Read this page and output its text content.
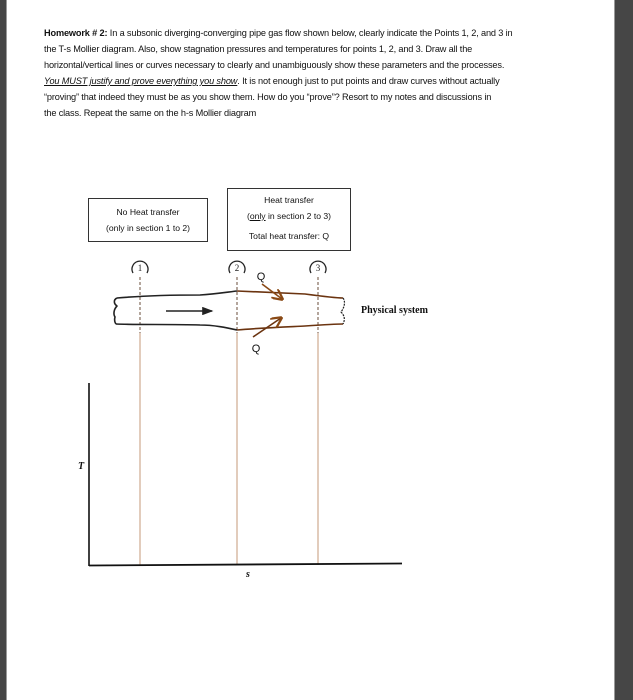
Homework # 2: In a subsonic diverging-converging pipe gas flow shown below, clearly indicate the Points 1, 2, and 3 in
the T-s Mollier diagram. Also, show stagnation pressures and temperatures for points 1, 2, and 3. Draw all the
horizontal/vertical lines or curves necessary to clearly and unambiguously show these parameters and the processes.
You MUST justify and prove everything you show. It is not enough just to put points and draw curves without actually
“proving” that indeed they must be as you show them. How do you “prove”? Resort to my notes and discussions in
the class. Repeat the same on the h-s Mollier diagram
No Heat transfer
(only in section 1 to 2)
Heat transfer
(only in section 2 to 3)
Total heat transfer: Q
1	2	3
Q
Q
T
s
Physical system
